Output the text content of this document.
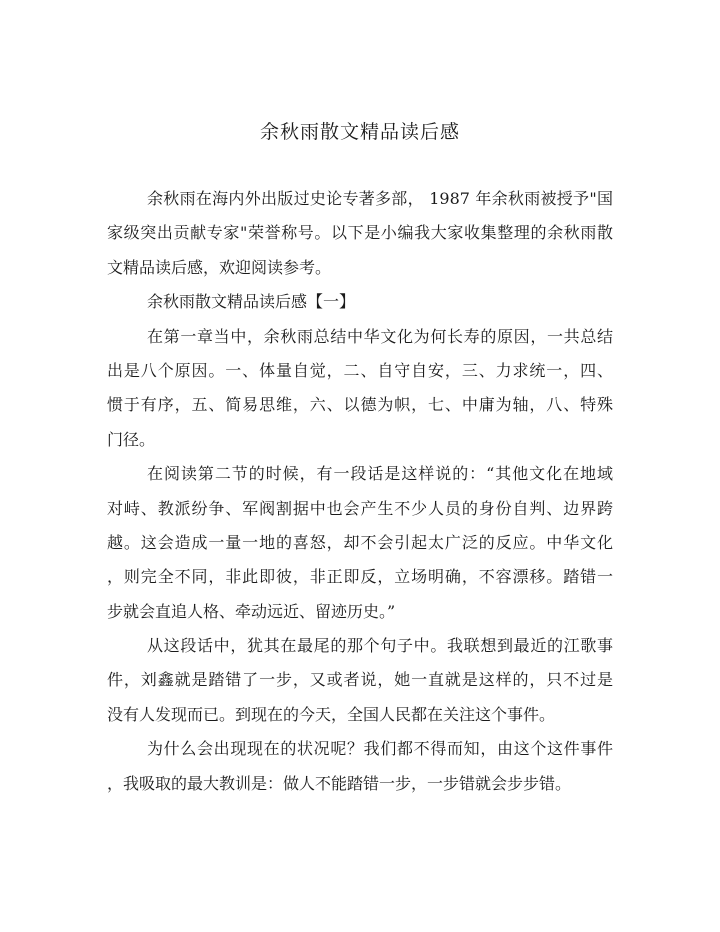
余秋雨散文精品读后感
余秋雨在海内外出版过史论专著多部， 1987 年余秋雨被授予"国
家级突出贡献专家"荣誉称号。以下是小编我大家收集整理的余秋雨散
文精品读后感，欢迎阅读参考。
余秋雨散文精品读后感【一】
在第一章当中，余秋雨总结中华文化为何长寿的原因，一共总结
出是八个原因。一、体量自觉，二、自守自安，三、力求统一，四、
惯于有序，五、简易思维，六、以德为帜，七、中庸为轴，八、特殊
门径。
在阅读第二节的时候，有一段话是这样说的：“其他文化在地域
对峙、教派纷争、军阀割据中也会产生不少人员的身份自判、边界跨
越。这会造成一量一地的喜怒，却不会引起太广泛的反应。中华文化
，则完全不同，非此即彼，非正即反，立场明确，不容漂移。踏错一
步就会直追人格、牵动远近、留迹历史。”
从这段话中，犹其在最尾的那个句子中。我联想到最近的江歌事
件，刘鑫就是踏错了一步，又或者说，她一直就是这样的，只不过是
没有人发现而已。到现在的今天，全国人民都在关注这个事件。
为什么会出现现在的状况呢？我们都不得而知，由这个这件事件
，我吸取的最大教训是：做人不能踏错一步，一步错就会步步错。
